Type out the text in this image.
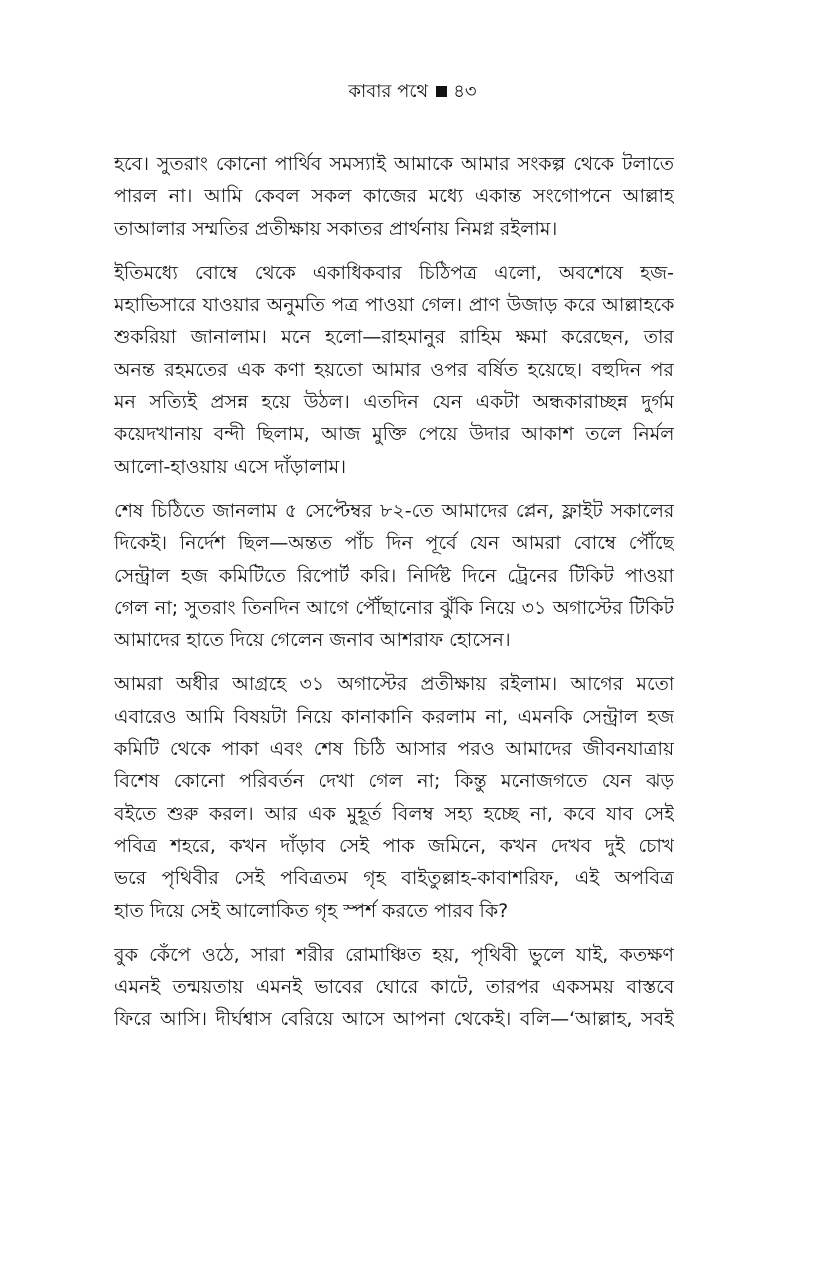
কাবার পথে ৪৩
হবে। সুতরাং কোনো পার্থিব সমস্যাই আমাকে আমার সংকল্প থেকে টলাতে
পারল না। আমি কেবল সকল কাজের মধ্যে একান্ত সংগোপনে আল্লাহ
তাআলার সম্মতির প্রতীক্ষায় সকাতর প্রার্থনায় নিমগ্ন রইলাম।
ইতিমধ্যে বোম্বে থেকে একাধিকবার চিঠিপত্র এলো, অবশেষে হজ-
মহাভিসারে যাওয়ার অনুমতি পত্র পাওয়া গেল। প্রাণ উজাড় করে আল্লাহকে
শুকরিয়া জানালাম। মনে হলো—রাহমানুর রাহিম ক্ষমা করেছেন, তার
অনন্ত রহমতের এক কণা হয়তো আমার ওপর বর্ষিত হয়েছে। বহুদিন পর
মন সত্যিই প্রসন্ন হয়ে উঠল। এতদিন যেন একটা অন্ধকারাচ্ছন্ন দুর্গম
কয়েদখানায় বন্দী ছিলাম, আজ মুক্তি পেয়ে উদার আকাশ তলে নির্মল
আলো-হাওয়ায় এসে দাঁড়ালাম।
শেষ চিঠিতে জানলাম ৫ সেপ্টেম্বর ৮২-তে আমাদের প্লেন, ফ্লাইট সকালের
দিকেই। নির্দেশ ছিল—অন্তত পাঁচ দিন পূর্বে যেন আমরা বোম্বে পৌঁছে
সেন্ট্রাল হজ কমিটিতে রিপোর্ট করি। নির্দিষ্ট দিনে ট্রেনের টিকিট পাওয়া
গেল না; সুতরাং তিনদিন আগে পৌঁছানোর ঝুঁকি নিয়ে ৩১ অগাস্টের টিকিট
আমাদের হাতে দিয়ে গেলেন জনাব আশরাফ হোসেন।
আমরা অধীর আগ্রহে ৩১ অগাস্টের প্রতীক্ষায় রইলাম। আগের মতো
এবারেও আমি বিষয়টা নিয়ে কানাকানি করলাম না, এমনকি সেন্ট্রাল হজ
কমিটি থেকে পাকা এবং শেষ চিঠি আসার পরও আমাদের জীবনযাত্রায়
বিশেষ কোনো পরিবর্তন দেখা গেল না; কিন্তু মনোজগতে যেন ঝড়
বইতে শুরু করল। আর এক মুহূর্ত বিলম্ব সহ্য হচ্ছে না, কবে যাব সেই
পবিত্র শহরে, কখন দাঁড়াব সেই পাক জমিনে, কখন দেখব দুই চোখ
ভরে পৃথিবীর সেই পবিত্রতম গৃহ বাইতুল্লাহ-কাবাশরিফ, এই অপবিত্র
হাত দিয়ে সেই আলোকিত গৃহ স্পর্শ করতে পারব কি?
বুক কেঁপে ওঠে, সারা শরীর রোমাঞ্চিত হয়, পৃথিবী ভুলে যাই, কতক্ষণ
এমনই তন্ময়তায় এমনই ভাবের ঘোরে কাটে, তারপর একসময় বাস্তবে
ফিরে আসি। দীর্ঘশ্বাস বেরিয়ে আসে আপনা থেকেই। বলি—‘আল্লাহ, সবই
